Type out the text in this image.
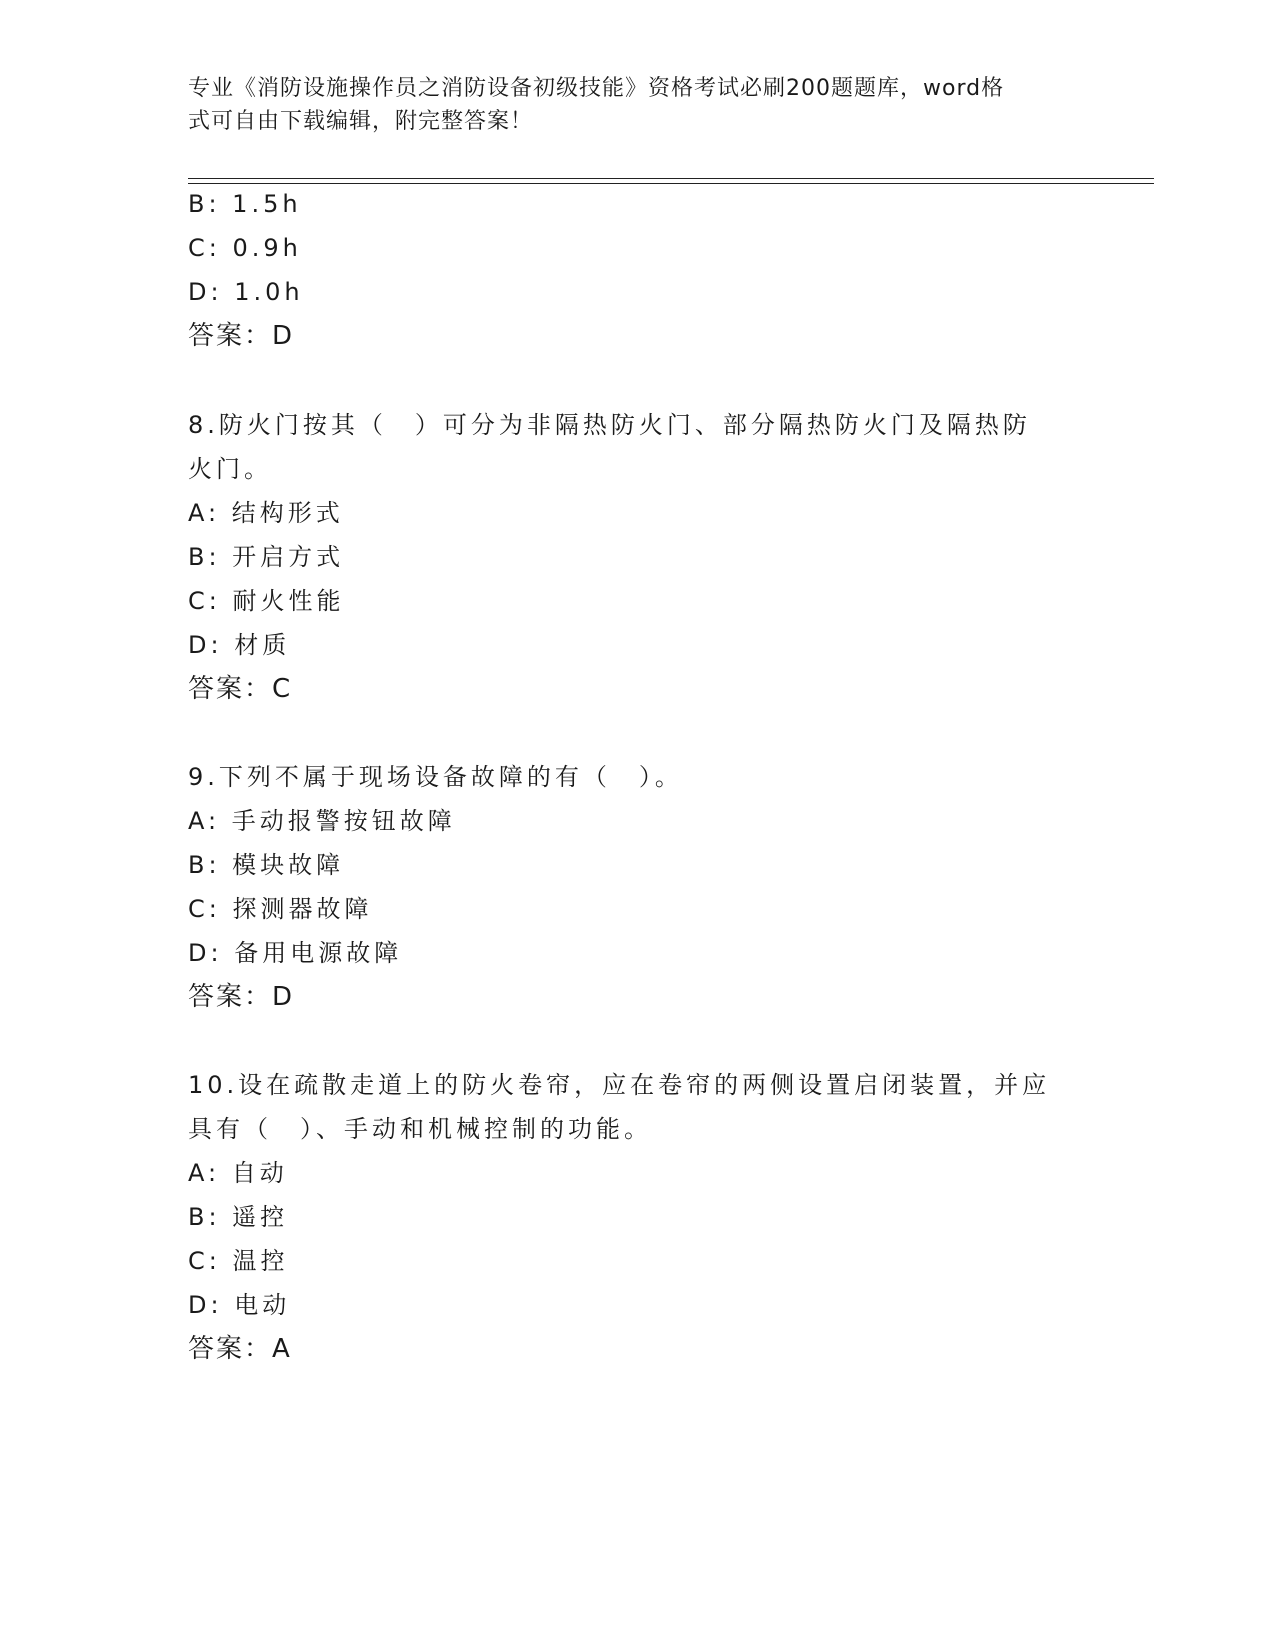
专业《消防设施操作员之消防设备初级技能》资格考试必刷200题题库，word格
式可自由下载编辑，附完整答案！
B: 1.5h
C: 0.9h
D: 1.0h
答案：D
8.防火门按其（　）可分为非隔热防火门、部分隔热防火门及隔热防
火门。
A: 结构形式
B: 开启方式
C: 耐火性能
D: 材质
答案：C
9.下列不属于现场设备故障的有（　）。
A: 手动报警按钮故障
B: 模块故障
C: 探测器故障
D: 备用电源故障
答案：D
10.设在疏散走道上的防火卷帘，应在卷帘的两侧设置启闭装置，并应
具有（　）、手动和机械控制的功能。
A: 自动
B: 遥控
C: 温控
D: 电动
答案：A
